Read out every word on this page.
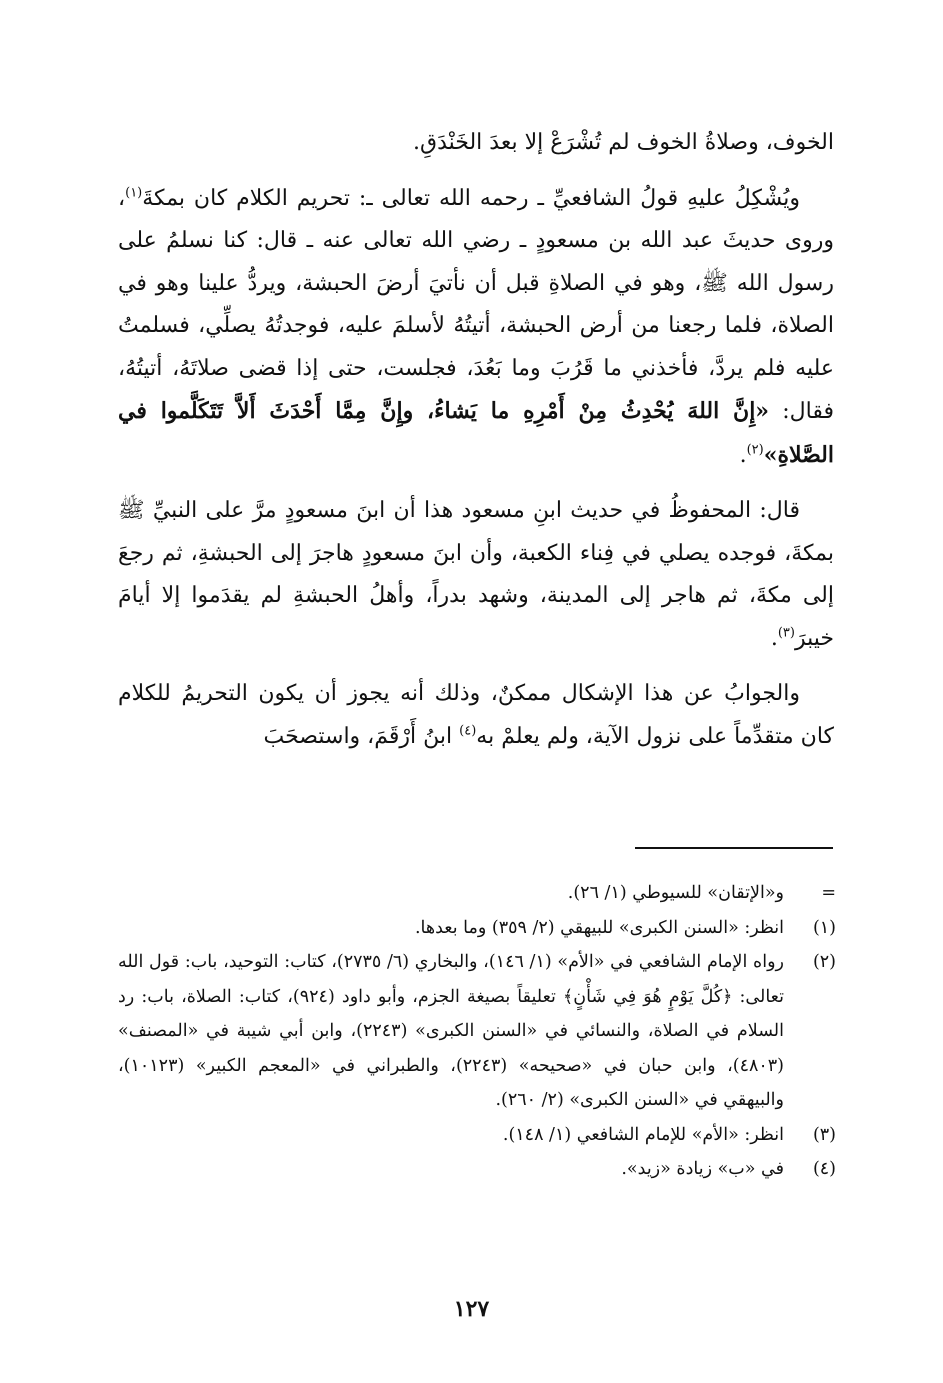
الخوف، وصلاةُ الخوف لم تُشْرَعْ إلا بعدَ الخَنْدَقِ.

ويُشْكِلُ عليهِ قولُ الشافعيِّ ـ رحمه الله تعالى ـ: تحريم الكلام كان بمكةَ$^{(١)}$، وروى حديثَ عبد الله بن مسعودٍ ـ رضي الله تعالى عنه ـ قال: كنا نسلمُ على رسول الله ﷺ، وهو في الصلاةِ قبل أن نأتيَ أرضَ الحبشة، ويردُّ علينا وهو في الصلاة، فلما رجعنا من أرض الحبشة، أتيتُهُ لأسلمَ عليه، فوجدتُهُ يصلِّي، فسلمتُ عليه فلم يردَّ، فأخذني ما قَرُبَ وما بَعُدَ، فجلست، حتى إذا قضى صلاتَهُ، أتيتُهُ، فقال: «إِنَّ اللهَ يُحْدِثُ مِنْ أَمْرِهِ ما يَشاءُ، وإِنَّ مِمَّا أَحْدَثَ أَلاَّ تَتَكَلَّموا في الصَّلاةِ»$^{(٢)}$.

قال: المحفوظُ في حديث ابنِ مسعود هذا أن ابنَ مسعودٍ مرَّ على النبيِّ ﷺ بمكةَ، فوجده يصلي في فِناء الكعبة، وأن ابنَ مسعودٍ هاجرَ إلى الحبشةِ، ثم رجعَ إلى مكةَ، ثم هاجر إلى المدينة، وشهد بدراً، وأهلُ الحبشةِ لم يقدَموا إلا أيامَ خيبرَ$^{(٣)}$.

والجوابُ عن هذا الإشكال ممكنٌ، وذلك أنه يجوز أن يكون التحريمُ للكلام كان متقدِّماً على نزول الآية، ولم يعلمْ به$^{(٤)}$ ابنُ أَرْقَمَ، واستصحَبَ

=
و«الإتقان» للسيوطي (١/ ٢٦).

(١)
انظر: «السنن الكبرى» للبيهقي (٢/ ٣٥٩) وما بعدها.

(٢)
رواه الإمام الشافعي في «الأم» (١/ ١٤٦)، والبخاري (٦/ ٢٧٣٥)، كتاب: التوحيد، باب: قول الله تعالى: ﴿كُلَّ يَوْمٍ هُوَ فِي شَأْنٍ﴾ تعليقاً بصيغة الجزم، وأبو داود (٩٢٤)، كتاب: الصلاة، باب: رد السلام في الصلاة، والنسائي في «السنن الكبرى» (٢٢٤٣)، وابن أبي شيبة في «المصنف» (٤٨٠٣)، وابن حبان في «صحيحه» (٢٢٤٣)، والطبراني في «المعجم الكبير» (١٠١٢٣)، والبيهقي في «السنن الكبرى» (٢/ ٢٦٠).

(٣)
انظر: «الأم» للإمام الشافعي (١/ ١٤٨).

(٤)
في «ب» زيادة «زيد».

١٢٧
